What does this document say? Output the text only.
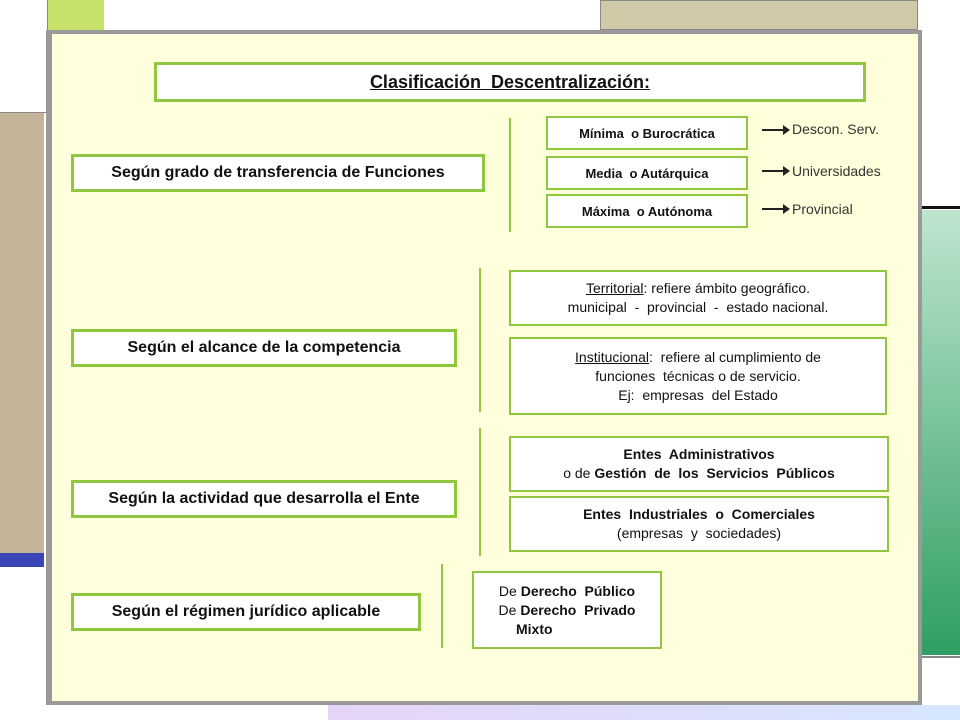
Clasificación  Descentralización:
Según grado de transferencia de Funciones
Mínima  o Burocrática
Media  o Autárquica
Máxima  o Autónoma
Descon. Serv.
Universidades
Provincial
Según el alcance de la competencia
Territorial: refiere ámbito geográfico.
municipal  -  provincial  -  estado nacional.
Institucional:  refiere al cumplimiento de
funciones  técnicas o de servicio.
Ej:  empresas  del Estado
Según la actividad que desarrolla el Ente
Entes  Administrativos
o de Gestión  de  los  Servicios  Públicos
Entes  Industriales  o  Comerciales
(empresas  y  sociedades)
Según el régimen jurídico aplicable
De Derecho  Público
De Derecho  Privado
Mixto
